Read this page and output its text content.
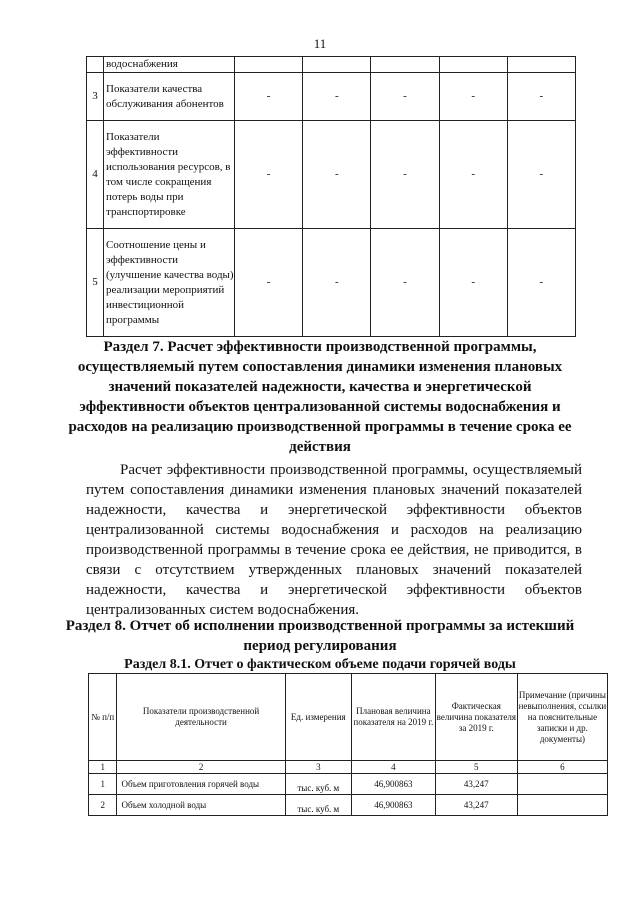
11
	водоснабжения					
3	Показатели качества обслуживания абонентов	-	-	-	-	-
4	Показатели эффективности использования ресурсов, в том числе сокращения потерь воды при транспортировке	-	-	-	-	-
5	Соотношение цены и эффективности (улучшение качества воды) реализации мероприятий инвестиционной программы	-	-	-	-	-
Раздел 7. Расчет эффективности производственной программы, осуществляемый путем сопоставления динамики изменения плановых значений показателей надежности, качества и энергетической эффективности объектов централизованной системы водоснабжения и расходов на реализацию производственной программы в течение срока ее действия
Расчет эффективности производственной программы, осуществляемый путем сопоставления динамики изменения плановых значений показателей надежности, качества и энергетической эффективности объектов централизованной системы водоснабжения и расходов на реализацию производственной программы в течение срока ее действия, не приводится, в связи с отсутствием утвержденных плановых значений показателей надежности, качества и энергетической эффективности объектов централизованных систем водоснабжения.
Раздел 8. Отчет об исполнении производственной программы за истекший период регулирования
Раздел 8.1. Отчет о фактическом объеме подачи горячей воды
№ п/п	Показатели производственной деятельности	Ед. измерения	Плановая величина показателя на 2019 г.	Фактическая величина показателя за 2019 г.	Примечание (причины невыполнения, ссылки на пояснительные записки и др. документы)
1	2	3	4	5	6
1	Объем приготовления горячей воды	тыс. куб. м	46,900863	43,247	
2	Объем холодной воды	тыс. куб. м	46,900863	43,247	
